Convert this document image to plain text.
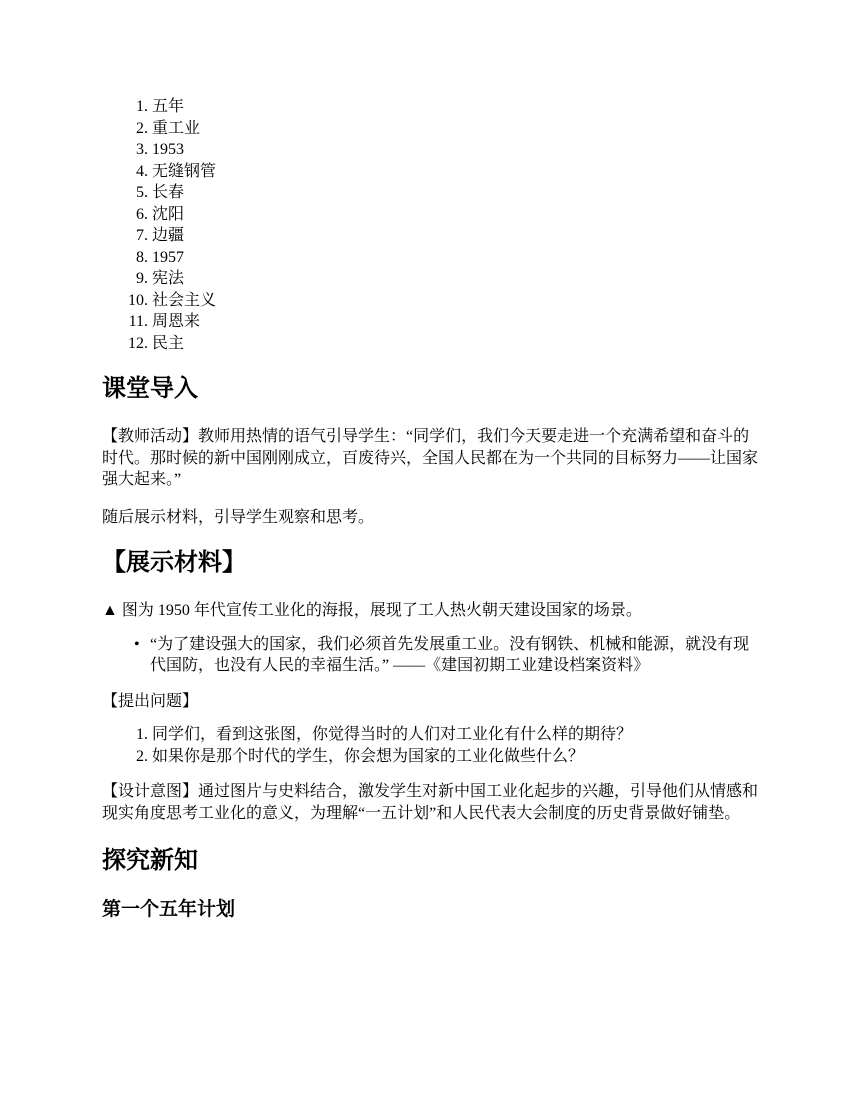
1. 五年
2. 重工业
3. 1953
4. 无缝钢管
5. 长春
6. 沈阳
7. 边疆
8. 1957
9. 宪法
10. 社会主义
11. 周恩来
12. 民主
课堂导入

【教师活动】教师用热情的语气引导学生：“同学们，我们今天要走进一个充满希望和奋斗的时代。那时候的新中国刚刚成立，百废待兴，全国人民都在为一个共同的目标努力——让国家强大起来。”

随后展示材料，引导学生观察和思考。

【展示材料】

▲ 图为 1950 年代宣传工业化的海报，展现了工人热火朝天建设国家的场景。

• “为了建设强大的国家，我们必须首先发展重工业。没有钢铁、机械和能源，就没有现代国防，也没有人民的幸福生活。” ——《建国初期工业建设档案资料》

【提出问题】

1. 同学们，看到这张图，你觉得当时的人们对工业化有什么样的期待？
2. 如果你是那个时代的学生，你会想为国家的工业化做些什么？

【设计意图】通过图片与史料结合，激发学生对新中国工业化起步的兴趣，引导他们从情感和现实角度思考工业化的意义，为理解“一五计划”和人民代表大会制度的历史背景做好铺垫。

探究新知
第一个五年计划
